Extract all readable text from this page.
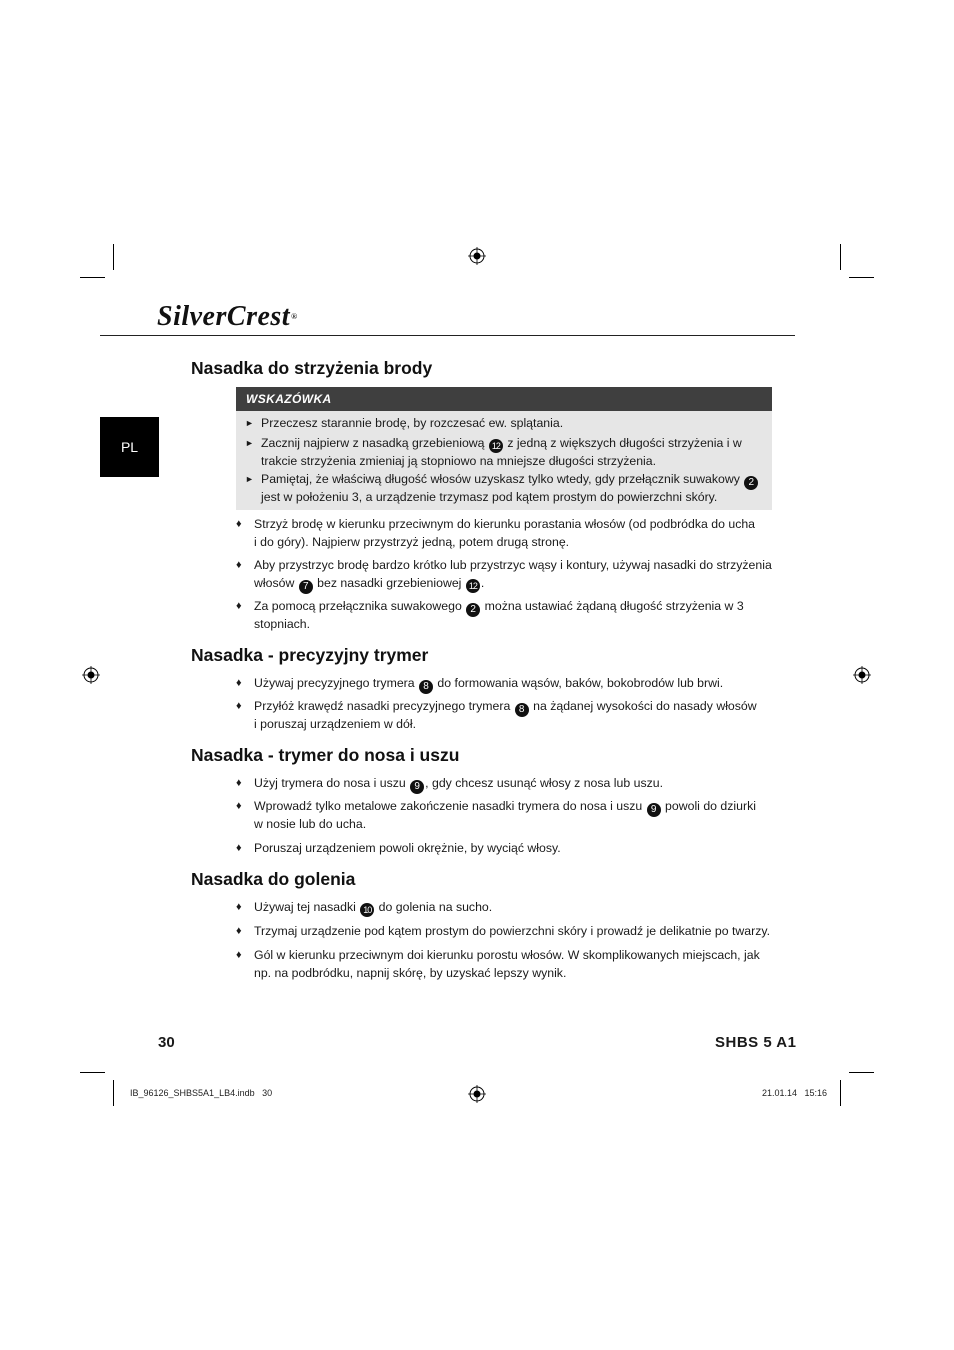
SilverCrest®
PL
Nasadka do strzyżenia brody
Nasadka - precyzyjny trymer
Nasadka - trymer do nosa i uszu
Nasadka do golenia
WSKAZÓWKA
► Przeczesz starannie brodę, by rozczesać ew. splątania.
► Zacznij najpierw z nasadką grzebieniową 12 z jedną z większych długości strzyżenia i w
trakcie strzyżenia zmieniaj ją stopniowo na mniejsze długości strzyżenia.
► Pamiętaj, że właściwą długość włosów uzyskasz tylko wtedy, gdy przełącznik suwakowy 2
jest w położeniu 3, a urządzenie trzymasz pod kątem prostym do powierzchni skóry.
♦ Strzyż brodę w kierunku przeciwnym do kierunku porastania włosów (od podbródka do ucha
i do góry). Najpierw przystrzyż jedną, potem drugą stronę.
♦ Aby przystrzyc brodę bardzo krótko lub przystrzyc wąsy i kontury, używaj nasadki do strzyżenia
włosów 7 bez nasadki grzebieniowej 12 .
♦ Za pomocą przełącznika suwakowego 2 można ustawiać żądaną długość strzyżenia w 3
stopniach.
♦ Używaj precyzyjnego trymera 8 do formowania wąsów, baków, bokobrodów lub brwi.
♦ Przyłóż krawędź nasadki precyzyjnego trymera 8 na żądanej wysokości do nasady włosów
i poruszaj urządzeniem w dół.
♦ Użyj trymera do nosa i uszu 9 , gdy chcesz usunąć włosy z nosa lub uszu.
♦ Wprowadź tylko metalowe zakończenie nasadki trymera do nosa i uszu 9 powoli do dziurki
w nosie lub do ucha.
♦ Poruszaj urządzeniem powoli okrężnie, by wyciąć włosy.
♦ Używaj tej nasadki 10 do golenia na sucho.
♦ Trzymaj urządzenie pod kątem prostym do powierzchni skóry i prowadź je delikatnie po twarzy.
♦ Gól w kierunku przeciwnym doi kierunku porostu włosów. W skomplikowanych miejscach, jak
np. na podbródku, napnij skórę, by uzyskać lepszy wynik.
30	SHBS 5 A1
IB_96126_SHBS5A1_LB4.indb   30	21.01.14   15:16
